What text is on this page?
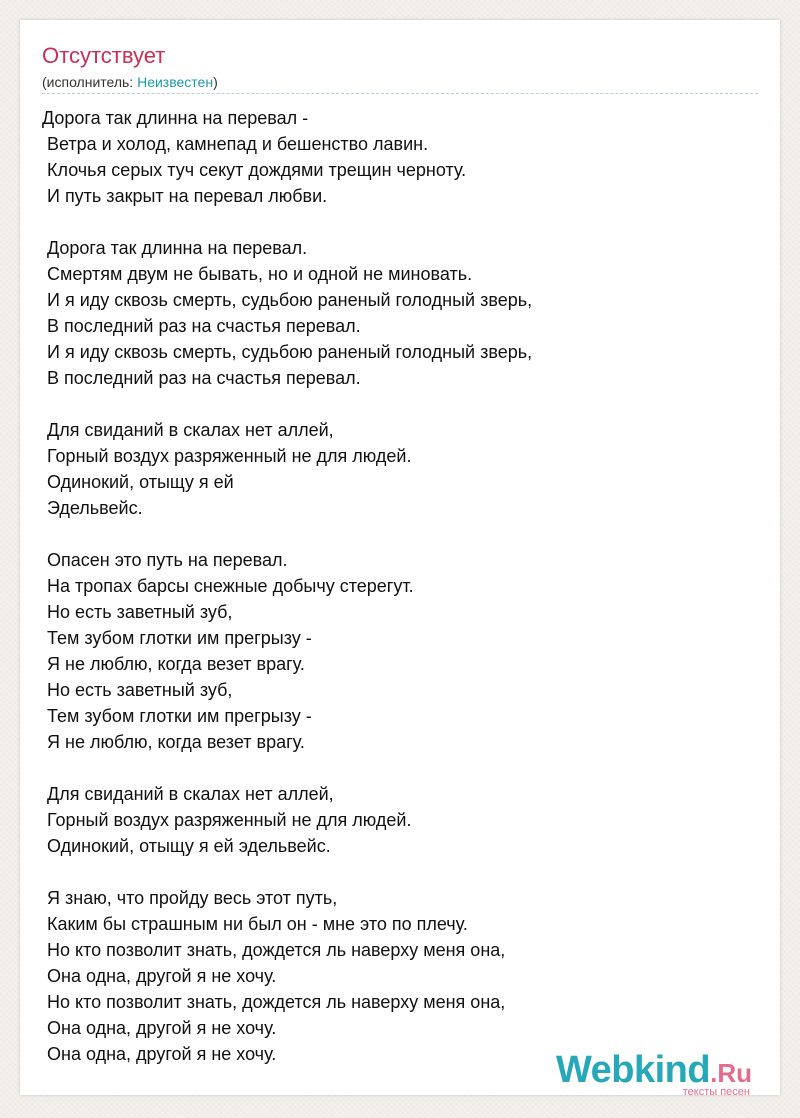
Отсутствует
(исполнитель: Неизвестен)
Дорога так длинна на перевал -
Ветра и холод, камнепад и бешенство лавин.
Клочья серых туч секут дождями трещин черноту.
И путь закрыт на перевал любви.
Дорога так длинна на перевал.
Смертям двум не бывать, но и одной не миновать.
И я иду сквозь смерть, судьбою раненый голодный зверь,
В последний раз на счастья перевал.
И я иду сквозь смерть, судьбою раненый голодный зверь,
В последний раз на счастья перевал.
Для свиданий в скалах нет аллей,
Горный воздух разряженный не для людей.
Одинокий, отыщу я ей
Эдельвейс.
Опасен это путь на перевал.
На тропах барсы снежные добычу стерегут.
Но есть заветный зуб,
Тем зубом глотки им прегрызу -
Я не люблю, когда везет врагу.
Но есть заветный зуб,
Тем зубом глотки им прегрызу -
Я не люблю, когда везет врагу.
Для свиданий в скалах нет аллей,
Горный воздух разряженный не для людей.
Одинокий, отыщу я ей эдельвейс.
Я знаю, что пройду весь этот путь,
Каким бы страшным ни был он - мне это по плечу.
Но кто позволит знать, дождется ль наверху меня она,
Она одна, другой я не хочу.
Но кто позволит знать, дождется ль наверху меня она,
Она одна, другой я не хочу.
Она одна, другой я не хочу.	Webkind.Ru
тексты песен
